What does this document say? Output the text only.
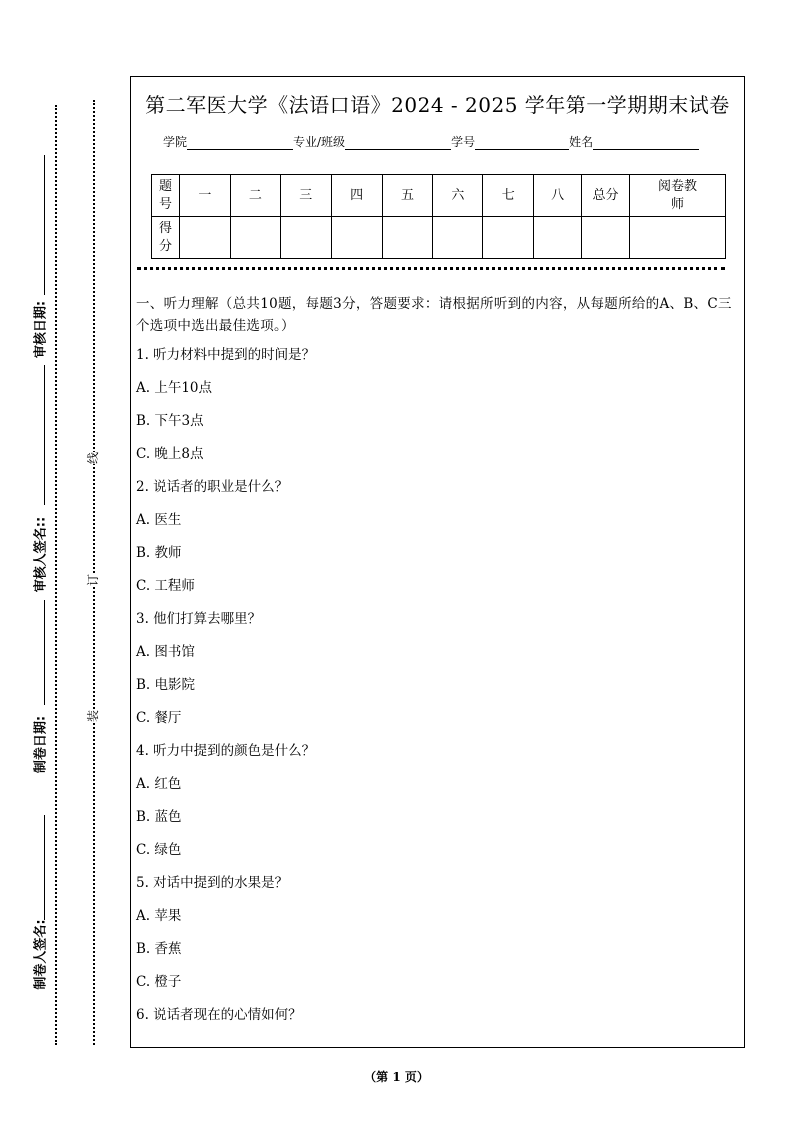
审核日期:
审核人签名::
制卷日期:
制卷人签名:
线
订
装
第二军医大学《法语口语》2024 - 2025 学年第一学期期末试卷
学院	专业/班级	学号	姓名
题号	一	二	三	四	五	六	七	八	总分	阅卷教师
得分										
一、听力理解（总共10题，每题3分，答题要求：请根据所听到的内容，从每题所给的A、B、C三个选项中选出最佳选项。）
1. 听力材料中提到的时间是？
A. 上午10点
B. 下午3点
C. 晚上8点
2. 说话者的职业是什么？
A. 医生
B. 教师
C. 工程师
3. 他们打算去哪里？
A. 图书馆
B. 电影院
C. 餐厅
4. 听力中提到的颜色是什么？
A. 红色
B. 蓝色
C. 绿色
5. 对话中提到的水果是？
A. 苹果
B. 香蕉
C. 橙子
6. 说话者现在的心情如何？
（第 1 页）
